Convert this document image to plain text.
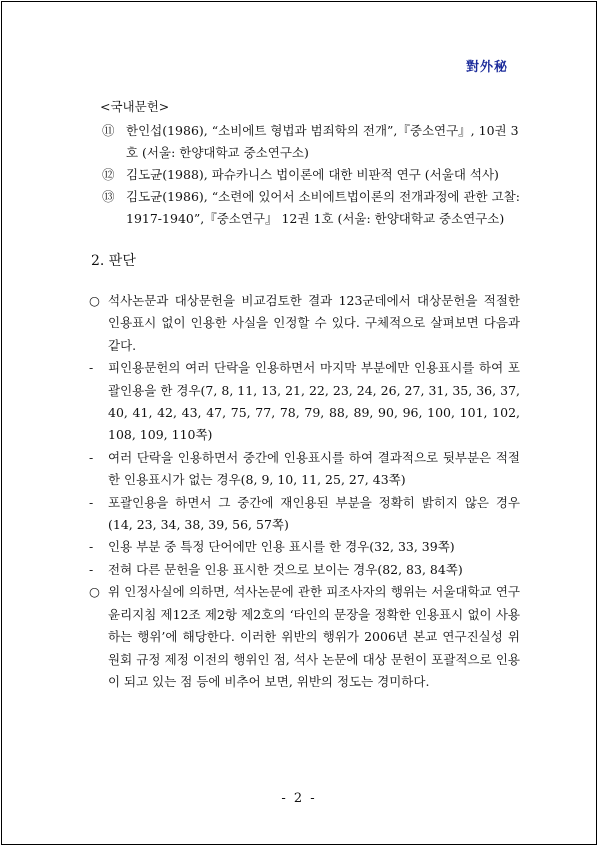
對外秘
<국내문헌>
⑪ 한인섭(1986), “소비에트 형법과 범죄학의 전개”,『중소연구』, 10권 3호 (서울: 한양대학교 중소연구소)
⑫ 김도균(1988), 파슈카니스 법이론에 대한 비판적 연구 (서울대 석사)
⑬ 김도균(1986), “소련에 있어서 소비에트법이론의 전개과정에 관한 고찰: 1917-1940”,『중소연구』 12권 1호 (서울: 한양대학교 중소연구소)
2. 판단
○ 석사논문과 대상문헌을 비교검토한 결과 123군데에서 대상문헌을 적절한 인용표시 없이 인용한 사실을 인정할 수 있다. 구체적으로 살펴보면 다음과 같다.
-	피인용문헌의 여러 단락을 인용하면서 마지막 부분에만 인용표시를 하여 포괄인용을 한 경우(7, 8, 11, 13, 21, 22, 23, 24, 26, 27, 31, 35, 36, 37, 40, 41, 42, 43, 47, 75, 77, 78, 79, 88, 89, 90, 96, 100, 101, 102, 108, 109, 110쪽)
-	여러 단락을 인용하면서 중간에 인용표시를 하여 결과적으로 뒷부분은 적절한 인용표시가 없는 경우(8, 9, 10, 11, 25, 27, 43쪽)
-	포괄인용을 하면서 그 중간에 재인용된 부분을 정확히 밝히지 않은 경우 (14, 23, 34, 38, 39, 56, 57쪽)
-	인용 부분 중 특정 단어에만 인용 표시를 한 경우(32, 33, 39쪽)
-	전혀 다른 문헌을 인용 표시한 것으로 보이는 경우(82, 83, 84쪽)
○ 위 인정사실에 의하면, 석사논문에 관한 피조사자의 행위는 서울대학교 연구윤리지침 제12조 제2항 제2호의 ‘타인의 문장을 정확한 인용표시 없이 사용하는 행위’에 해당한다. 이러한 위반의 행위가 2006년 본교 연구진실성 위원회 규정 제정 이전의 행위인 점, 석사 논문에 대상 문헌이 포괄적으로 인용이 되고 있는 점 등에 비추어 보면, 위반의 정도는 경미하다.
- 2 -
